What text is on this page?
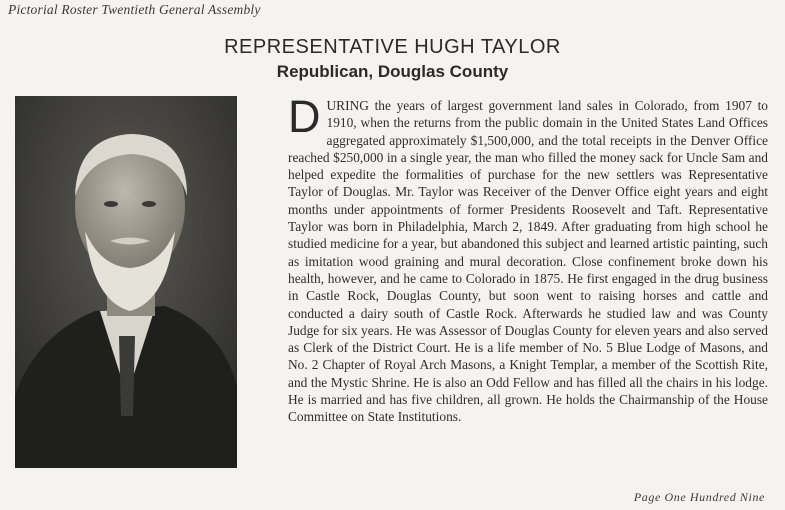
Pictorial Roster Twentieth General Assembly
REPRESENTATIVE HUGH TAYLOR
Republican, Douglas County
DURING the years of largest government land sales in Colorado, from 1907 to 1910, when the returns from the public domain in the United States Land Offices aggregated approximately $1,500,000, and the total receipts in the Denver Office reached $250,000 in a single year, the man who filled the money sack for Uncle Sam and helped expedite the formalities of purchase for the new settlers was Representative Taylor of Douglas. Mr. Taylor was Receiver of the Denver Office eight years and eight months under appointments of former Presidents Roosevelt and Taft. Representative Taylor was born in Philadelphia, March 2, 1849. After graduating from high school he studied medicine for a year, but abandoned this subject and learned artistic painting, such as imitation wood graining and mural decoration. Close confinement broke down his health, however, and he came to Colorado in 1875. He first engaged in the drug business in Castle Rock, Douglas County, but soon went to raising horses and cattle and conducted a dairy south of Castle Rock. Afterwards he studied law and was County Judge for six years. He was Assessor of Douglas County for eleven years and also served as Clerk of the District Court. He is a life member of No. 5 Blue Lodge of Masons, and No. 2 Chapter of Royal Arch Masons, a Knight Templar, a member of the Scottish Rite, and the Mystic Shrine. He is also an Odd Fellow and has filled all the chairs in his lodge. He is married and has five children, all grown. He holds the Chairmanship of the House Committee on State Institutions.
Page One Hundred Nine
